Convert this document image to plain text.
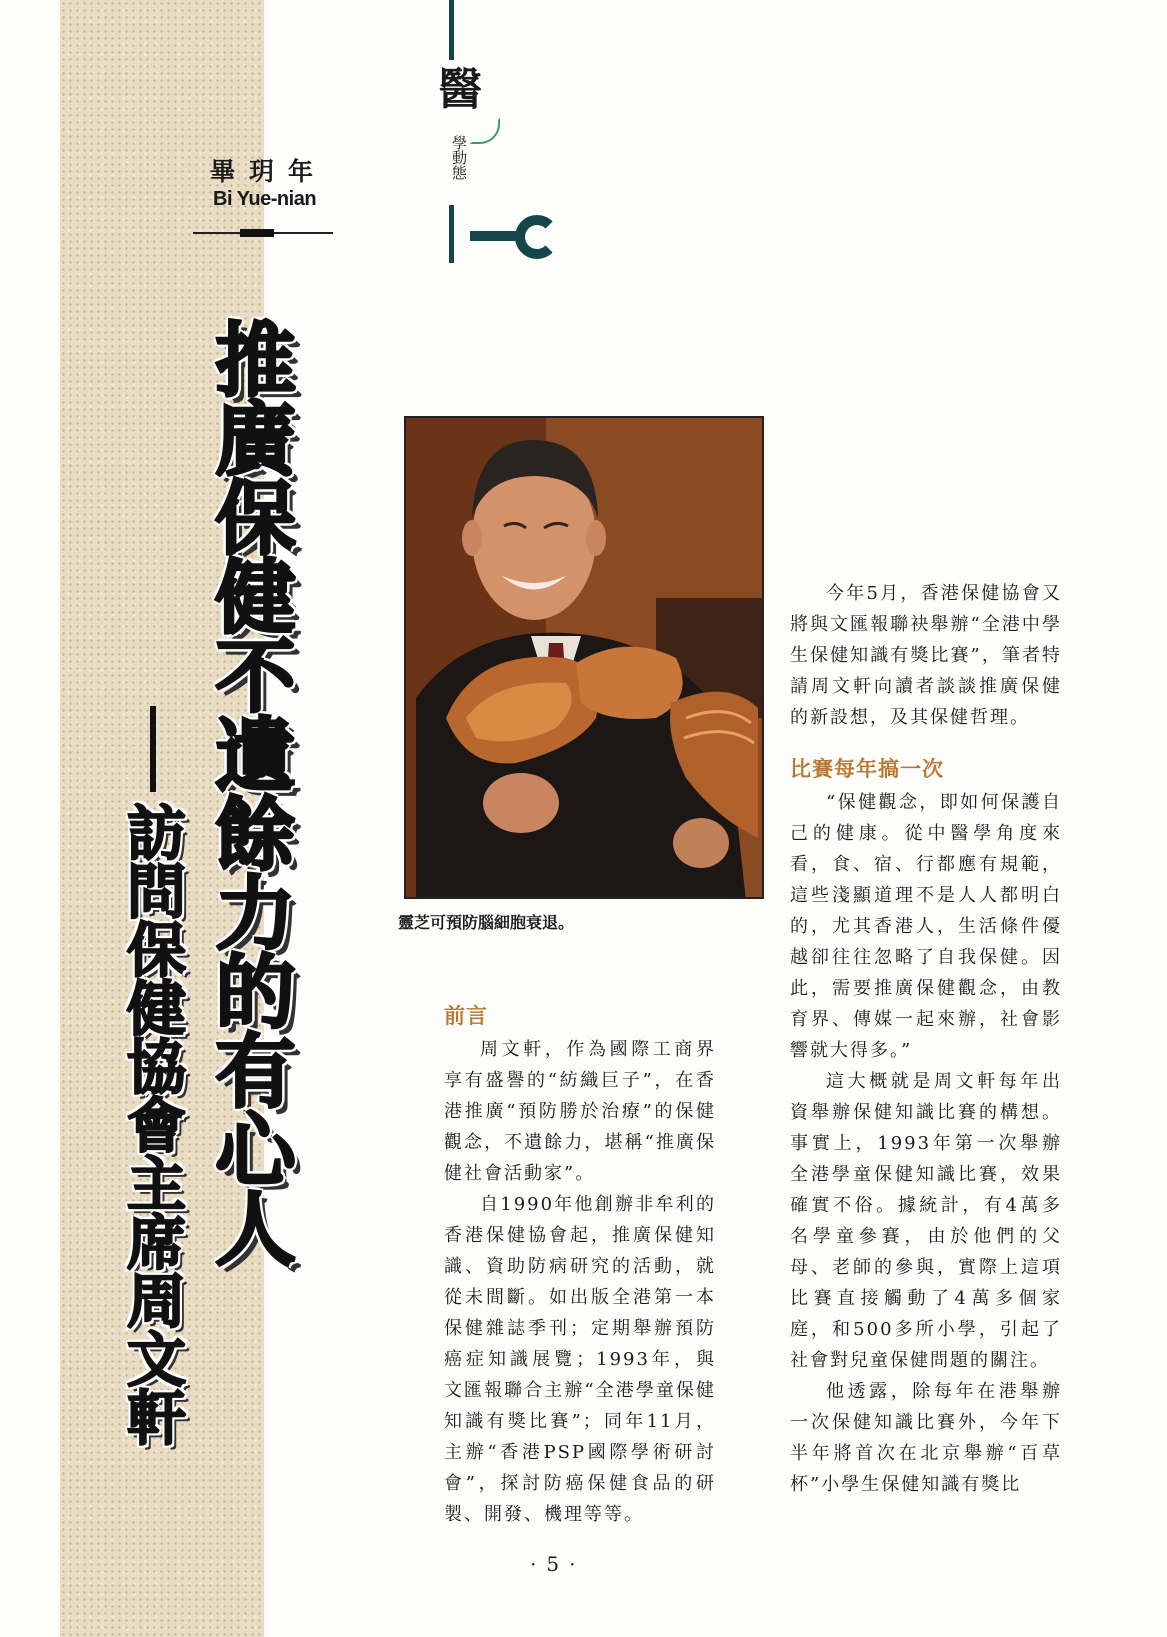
畢玥年
Bi Yue-nian
醫
學動態
推廣保健不遺餘力的有心人
訪問保健協會主席周文軒	靈芝可預防腦細胞衰退。

今年5月，香港保健協會又將與文匯報聯袂舉辦“全港中學生保健知識有獎比賽”，筆者特請周文軒向讀者談談推廣保健的新設想，及其保健哲理。

比賽每年搞一次

“保健觀念，即如何保護自己的健康。從中醫學角度來看，食、宿、行都應有規範，這些淺顯道理不是人人都明白的，尤其香港人，生活條件優越卻往往忽略了自我保健。因此，需要推廣保健觀念，由教育界、傳媒一起來辦，社會影響就大得多。”

這大概就是周文軒每年出資舉辦保健知識比賽的構想。事實上，1993年第一次舉辦全港學童保健知識比賽，效果確實不俗。據統計，有4萬多名學童參賽，由於他們的父母、老師的參與，實際上這項比賽直接觸動了4萬多個家庭，和500多所小學，引起了社會對兒童保健問題的關注。

他透露，除每年在港舉辦一次保健知識比賽外，今年下半年將首次在北京舉辦“百草杯”小學生保健知識有獎比

前言

周文軒，作為國際工商界享有盛譽的“紡織巨子”，在香港推廣“預防勝於治療”的保健觀念，不遺餘力，堪稱“推廣保健社會活動家”。

自1990年他創辦非牟利的香港保健協會起，推廣保健知識、資助防病研究的活動，就從未間斷。如出版全港第一本保健雜誌季刊；定期舉辦預防癌症知識展覽；1993年，與文匯報聯合主辦“全港學童保健知識有獎比賽”；同年11月，主辦“香港PSP國際學術研討會”，探討防癌保健食品的研製、開發、機理等等。

·5·
